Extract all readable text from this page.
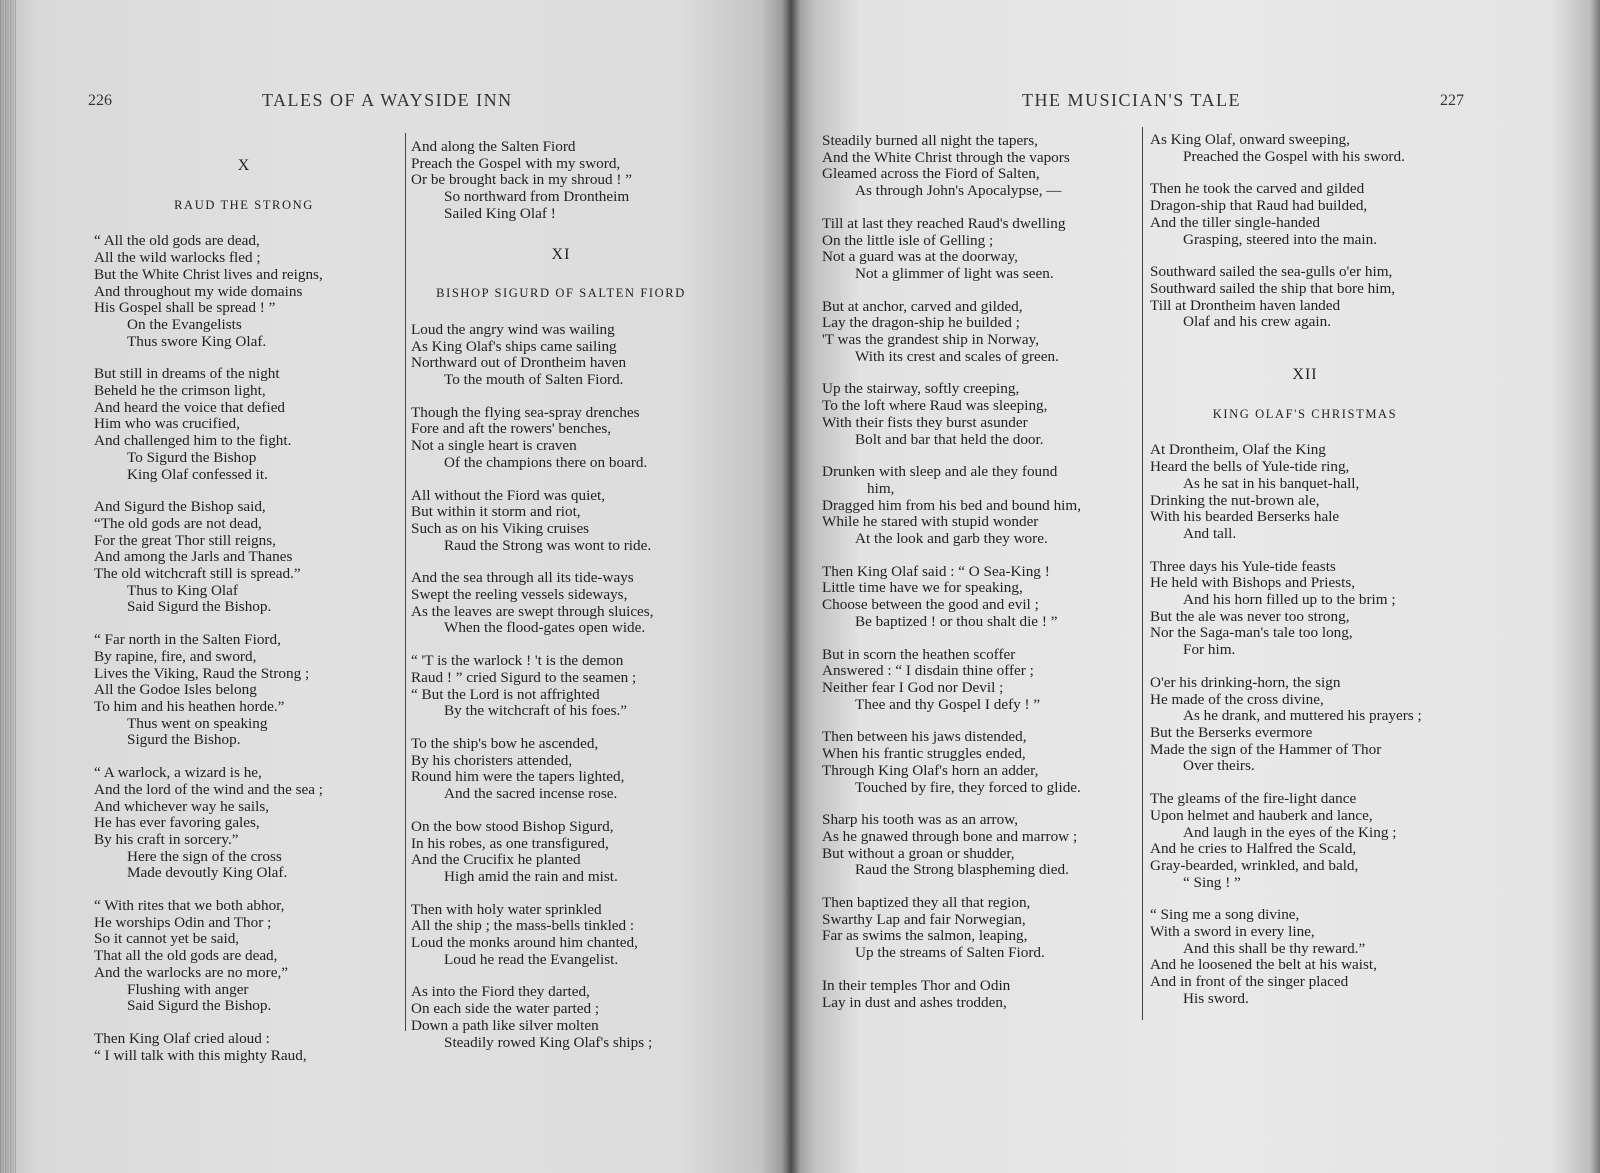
226	TALES OF A WAYSIDE INN
X
RAUD THE STRONG
“ All the old gods are dead,
All the wild warlocks fled ;
But the White Christ lives and reigns,
And throughout my wide domains
His Gospel shall be spread ! ”
On the Evangelists
Thus swore King Olaf.
But still in dreams of the night
Beheld he the crimson light,
And heard the voice that defied
Him who was crucified,
And challenged him to the fight.
To Sigurd the Bishop
King Olaf confessed it.
And Sigurd the Bishop said,
“The old gods are not dead,
For the great Thor still reigns,
And among the Jarls and Thanes
The old witchcraft still is spread.”
Thus to King Olaf
Said Sigurd the Bishop.
“ Far north in the Salten Fiord,
By rapine, fire, and sword,
Lives the Viking, Raud the Strong ;
All the Godoe Isles belong
To him and his heathen horde.”
Thus went on speaking
Sigurd the Bishop.
“ A warlock, a wizard is he,
And the lord of the wind and the sea ;
And whichever way he sails,
He has ever favoring gales,
By his craft in sorcery.”
Here the sign of the cross
Made devoutly King Olaf.
“ With rites that we both abhor,
He worships Odin and Thor ;
So it cannot yet be said,
That all the old gods are dead,
And the warlocks are no more,”
Flushing with anger
Said Sigurd the Bishop.
Then King Olaf cried aloud :
“ I will talk with this mighty Raud,
And along the Salten Fiord
Preach the Gospel with my sword,
Or be brought back in my shroud ! ”
So northward from Drontheim
Sailed King Olaf !
XI
BISHOP SIGURD OF SALTEN FIORD
Loud the angry wind was wailing
As King Olaf's ships came sailing
Northward out of Drontheim haven
To the mouth of Salten Fiord.
Though the flying sea-spray drenches
Fore and aft the rowers' benches,
Not a single heart is craven
Of the champions there on board.
All without the Fiord was quiet,
But within it storm and riot,
Such as on his Viking cruises
Raud the Strong was wont to ride.
And the sea through all its tide-ways
Swept the reeling vessels sideways,
As the leaves are swept through sluices,
When the flood-gates open wide.
“ 'T is the warlock ! 't is the demon
Raud ! ” cried Sigurd to the seamen ;
“ But the Lord is not affrighted
By the witchcraft of his foes.”
To the ship's bow he ascended,
By his choristers attended,
Round him were the tapers lighted,
And the sacred incense rose.
On the bow stood Bishop Sigurd,
In his robes, as one transfigured,
And the Crucifix he planted
High amid the rain and mist.
Then with holy water sprinkled
All the ship ; the mass-bells tinkled :
Loud the monks around him chanted,
Loud he read the Evangelist.
As into the Fiord they darted,
On each side the water parted ;
Down a path like silver molten
Steadily rowed King Olaf's ships ;
THE MUSICIAN'S TALE	227
Steadily burned all night the tapers,
And the White Christ through the vapors
Gleamed across the Fiord of Salten,
As through John's Apocalypse, —
Till at last they reached Raud's dwelling
On the little isle of Gelling ;
Not a guard was at the doorway,
Not a glimmer of light was seen.
But at anchor, carved and gilded,
Lay the dragon-ship he builded ;
'T was the grandest ship in Norway,
With its crest and scales of green.
Up the stairway, softly creeping,
To the loft where Raud was sleeping,
With their fists they burst asunder
Bolt and bar that held the door.
Drunken with sleep and ale they found
him,
Dragged him from his bed and bound him,
While he stared with stupid wonder
At the look and garb they wore.
Then King Olaf said : “ O Sea-King !
Little time have we for speaking,
Choose between the good and evil ;
Be baptized ! or thou shalt die ! ”
But in scorn the heathen scoffer
Answered : “ I disdain thine offer ;
Neither fear I God nor Devil ;
Thee and thy Gospel I defy ! ”
Then between his jaws distended,
When his frantic struggles ended,
Through King Olaf's horn an adder,
Touched by fire, they forced to glide.
Sharp his tooth was as an arrow,
As he gnawed through bone and marrow ;
But without a groan or shudder,
Raud the Strong blaspheming died.
Then baptized they all that region,
Swarthy Lap and fair Norwegian,
Far as swims the salmon, leaping,
Up the streams of Salten Fiord.
In their temples Thor and Odin
Lay in dust and ashes trodden,
As King Olaf, onward sweeping,
Preached the Gospel with his sword.
Then he took the carved and gilded
Dragon-ship that Raud had builded,
And the tiller single-handed
Grasping, steered into the main.
Southward sailed the sea-gulls o'er him,
Southward sailed the ship that bore him,
Till at Drontheim haven landed
Olaf and his crew again.
XII
KING OLAF'S CHRISTMAS
At Drontheim, Olaf the King
Heard the bells of Yule-tide ring,
As he sat in his banquet-hall,
Drinking the nut-brown ale,
With his bearded Berserks hale
And tall.
Three days his Yule-tide feasts
He held with Bishops and Priests,
And his horn filled up to the brim ;
But the ale was never too strong,
Nor the Saga-man's tale too long,
For him.
O'er his drinking-horn, the sign
He made of the cross divine,
As he drank, and muttered his prayers ;
But the Berserks evermore
Made the sign of the Hammer of Thor
Over theirs.
The gleams of the fire-light dance
Upon helmet and hauberk and lance,
And laugh in the eyes of the King ;
And he cries to Halfred the Scald,
Gray-bearded, wrinkled, and bald,
“ Sing ! ”
“ Sing me a song divine,
With a sword in every line,
And this shall be thy reward.”
And he loosened the belt at his waist,
And in front of the singer placed
His sword.
